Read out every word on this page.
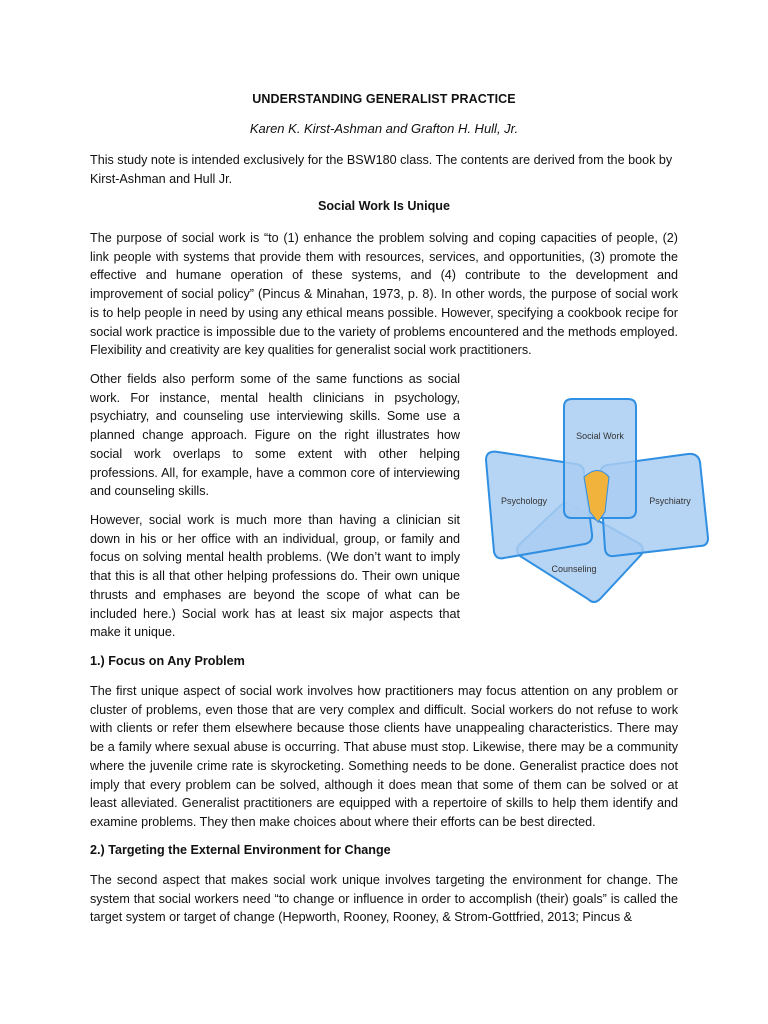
UNDERSTANDING GENERALIST PRACTICE
Karen K. Kirst-Ashman and Grafton H. Hull, Jr.

This study note is intended exclusively for the BSW180 class. The contents are derived from the book by Kirst-Ashman and Hull Jr.

Social Work Is Unique

The purpose of social work is “to (1) enhance the problem solving and coping capacities of people, (2) link people with systems that provide them with resources, services, and opportunities, (3) promote the effective and humane operation of these systems, and (4) contribute to the development and improvement of social policy” (Pincus & Minahan, 1973, p. 8). In other words, the purpose of social work is to help people in need by using any ethical means possible. However, specifying a cookbook recipe for social work practice is impossible due to the variety of problems encountered and the methods employed. Flexibility and creativity are key qualities for generalist social work practitioners.

Other fields also perform some of the same functions as social work. For instance, mental health clinicians in psychology, psychiatry, and counseling use interviewing skills. Some use a planned change approach. Figure on the right illustrates how social work overlaps to some extent with other helping professions. All, for example, have a common core of interviewing and counseling skills.

However, social work is much more than having a clinician sit down in his or her office with an individual, group, or family and focus on solving mental health problems. (We don’t want to imply that this is all that other helping professions do. Their own unique thrusts and emphases are beyond the scope of what can be included here.) Social work has at least six major aspects that make it unique.

1.) Focus on Any Problem

The first unique aspect of social work involves how practitioners may focus attention on any problem or cluster of problems, even those that are very complex and difficult. Social workers do not refuse to work with clients or refer them elsewhere because those clients have unappealing characteristics. There may be a family where sexual abuse is occurring. That abuse must stop. Likewise, there may be a community where the juvenile crime rate is skyrocketing. Something needs to be done. Generalist practice does not imply that every problem can be solved, although it does mean that some of them can be solved or at least alleviated. Generalist practitioners are equipped with a repertoire of skills to help them identify and examine problems. They then make choices about where their efforts can be best directed.

2.) Targeting the External Environment for Change

The second aspect that makes social work unique involves targeting the environment for change. The system that social workers need “to change or influence in order to accomplish (their) goals” is called the target system or target of change (Hepworth, Rooney, Rooney, & Strom-Gottfried, 2013; Pincus &

Social Work
Psychology	Psychiatry
Counseling
